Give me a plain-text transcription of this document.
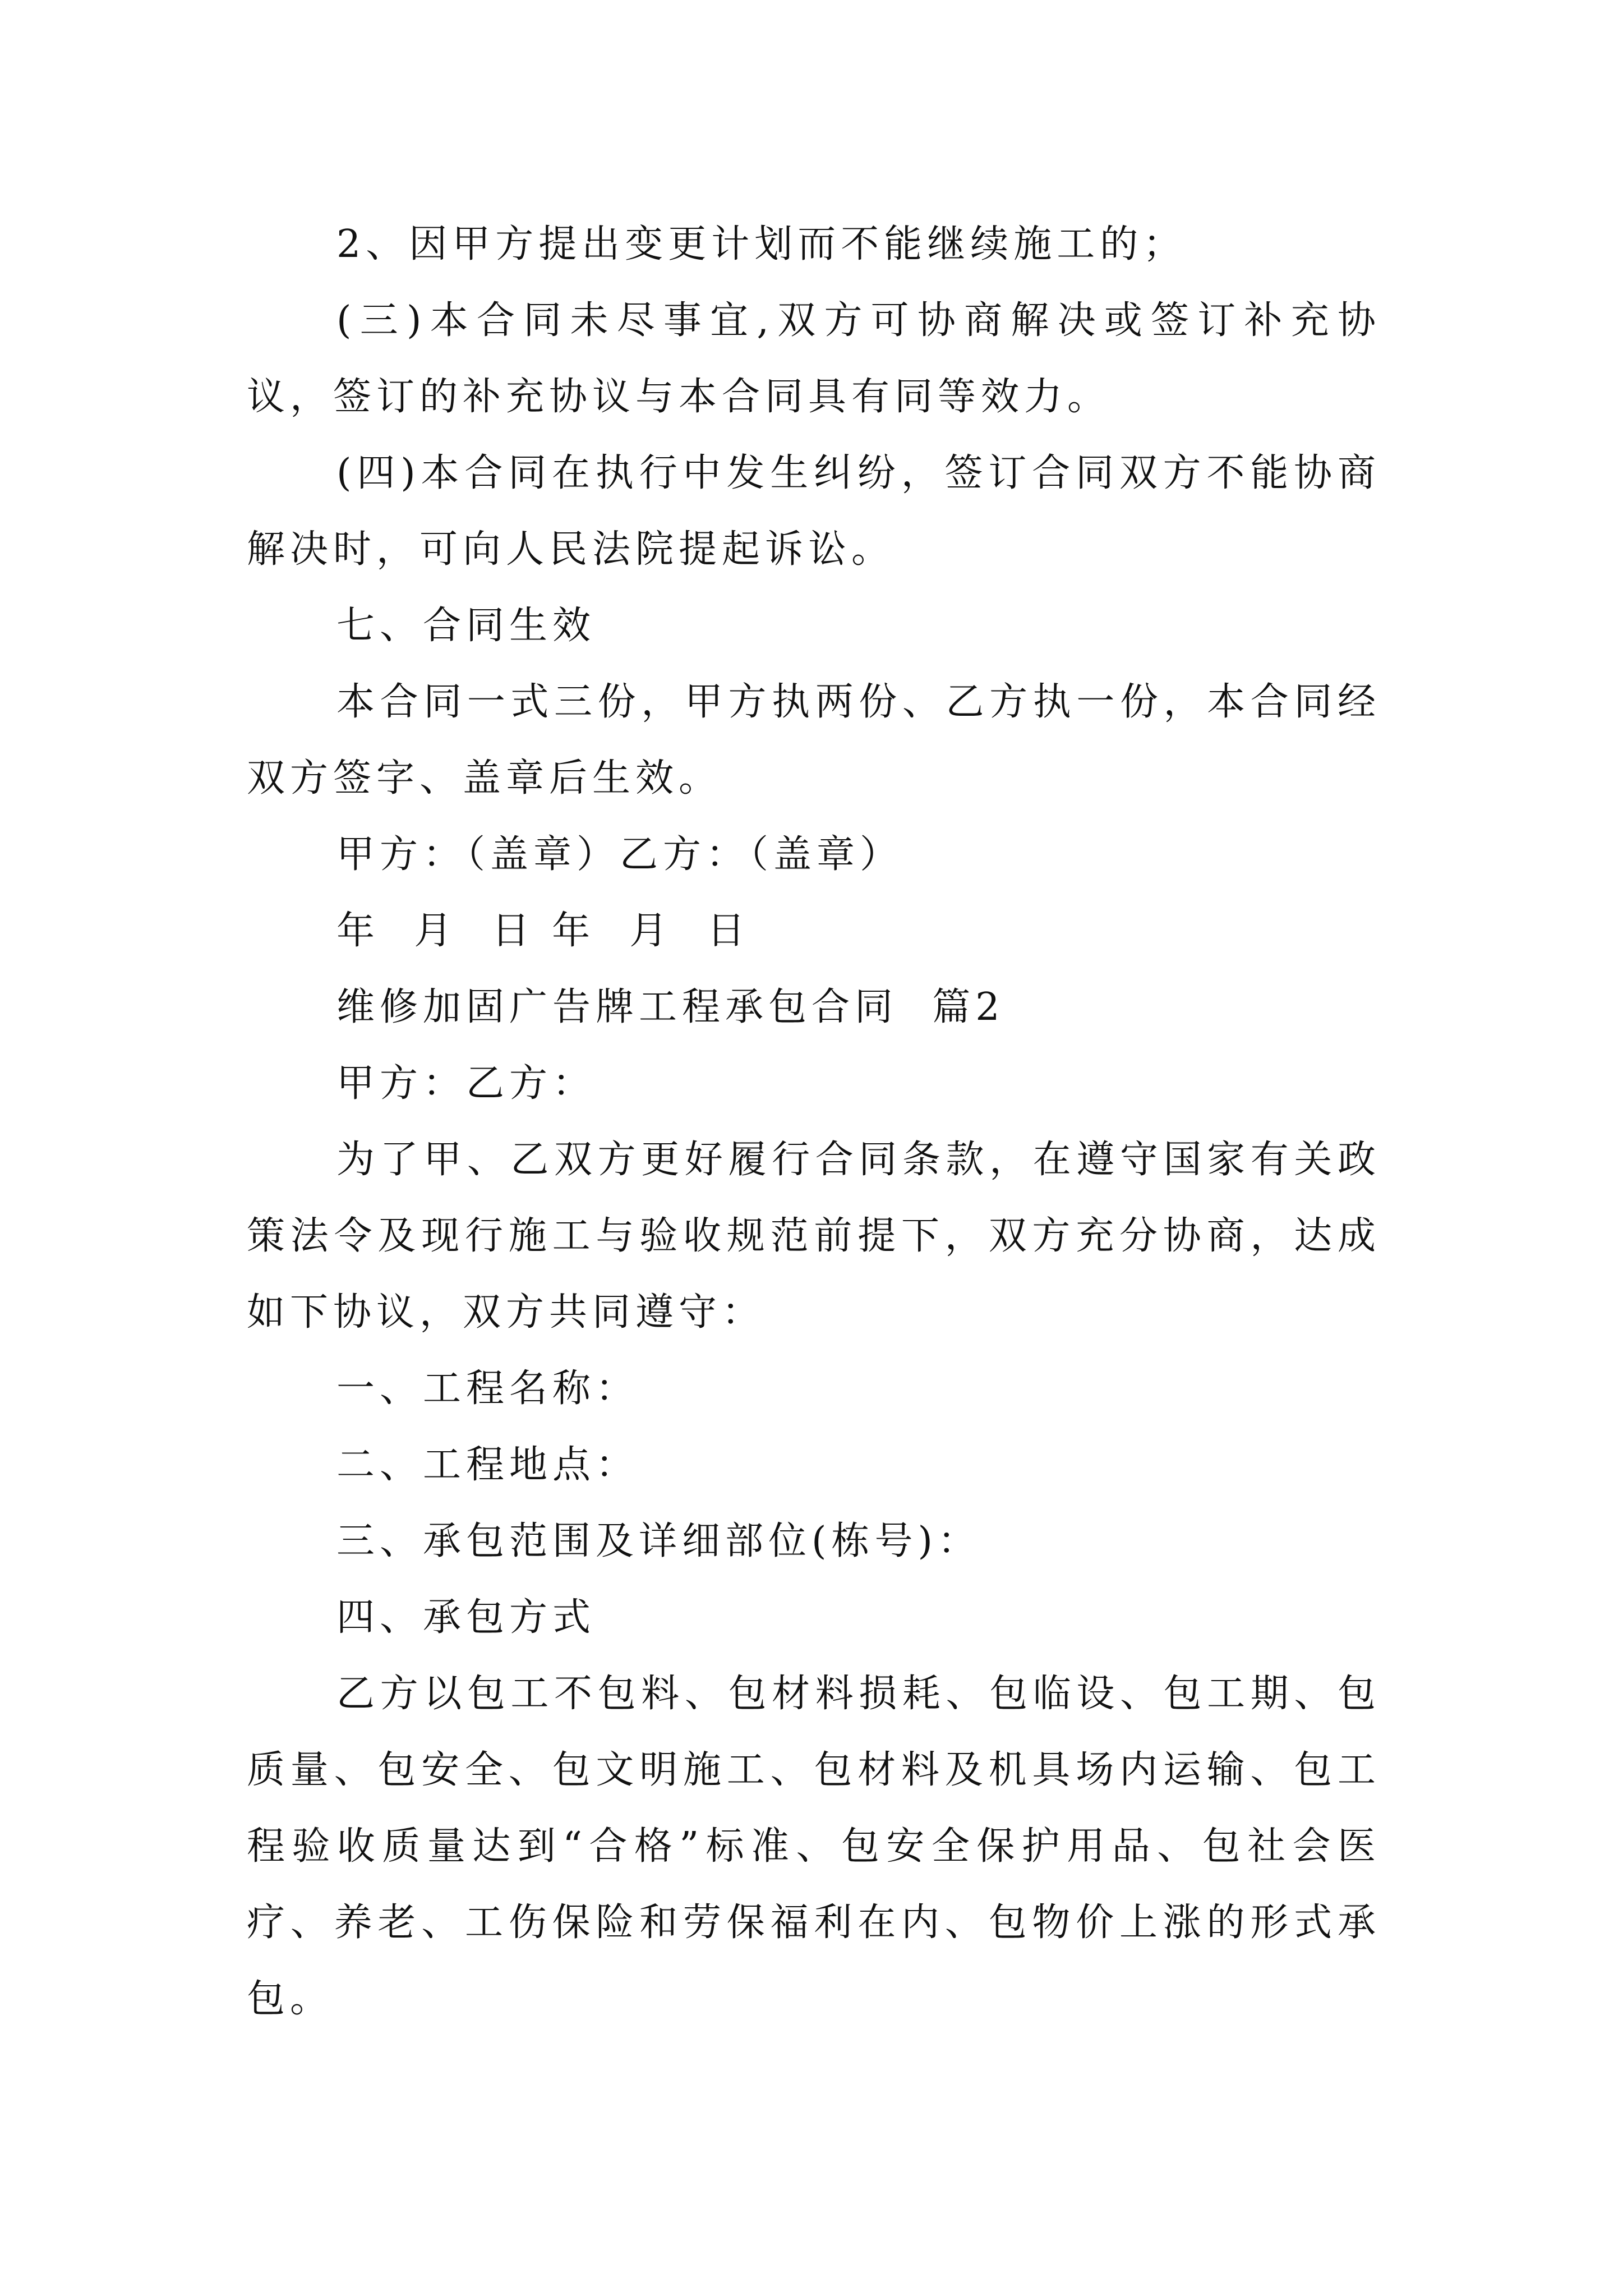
2、因甲方提出变更计划而不能继续施工的；

(三)本合同未尽事宜,双方可协商解决或签订补充协议，签订的补充协议与本合同具有同等效力。

(四)本合同在执行中发生纠纷，签订合同双方不能协商解决时，可向人民法院提起诉讼。

七、合同生效

本合同一式三份，甲方执两份、乙方执一份，本合同经双方签字、盖章后生效。

甲方：（盖章）乙方：（盖章）

年  月  日 年  月  日

维修加固广告牌工程承包合同  篇2

甲方：乙方：

为了甲、乙双方更好履行合同条款，在遵守国家有关政策法令及现行施工与验收规范前提下，双方充分协商，达成如下协议，双方共同遵守：

一、工程名称：

二、工程地点：

三、承包范围及详细部位(栋号)：

四、承包方式

乙方以包工不包料、包材料损耗、包临设、包工期、包质量、包安全、包文明施工、包材料及机具场内运输、包工程验收质量达到“合格”标准、包安全保护用品、包社会医疗、养老、工伤保险和劳保福利在内、包物价上涨的形式承包。
